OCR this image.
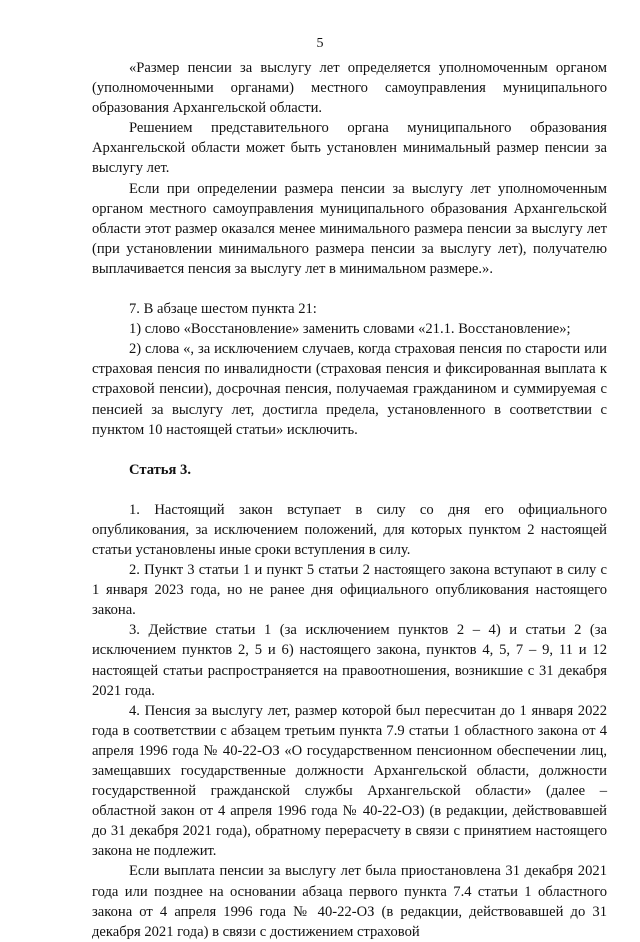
5

«Размер пенсии за выслугу лет определяется уполномоченным органом (уполномоченными органами) местного самоуправления муниципального образования Архангельской области.

Решением представительного органа муниципального образования Архангельской области может быть установлен минимальный размер пенсии за выслугу лет.

Если при определении размера пенсии за выслугу лет уполномоченным органом местного самоуправления муниципального образования Архангельской области этот размер оказался менее минимального размера пенсии за выслугу лет (при установлении минимального размера пенсии за выслугу лет), получателю выплачивается пенсия за выслугу лет в минимальном размере.».

7. В абзаце шестом пункта 21:

1) слово «Восстановление» заменить словами «21.1. Восстановление»;

2) слова «, за исключением случаев, когда страховая пенсия по старости или страховая пенсия по инвалидности (страховая пенсия и фиксированная выплата к страховой пенсии), досрочная пенсия, получаемая гражданином и суммируемая с пенсией за выслугу лет, достигла предела, установленного в соответствии с пунктом 10 настоящей статьи» исключить.

Статья 3.

1. Настоящий закон вступает в силу со дня его официального опубликования, за исключением положений, для которых пунктом 2 настоящей статьи установлены иные сроки вступления в силу.

2. Пункт 3 статьи 1 и пункт 5 статьи 2 настоящего закона вступают в силу с 1 января 2023 года, но не ранее дня официального опубликования настоящего закона.

3. Действие статьи 1 (за исключением пунктов 2 – 4) и статьи 2 (за исключением пунктов 2, 5 и 6) настоящего закона, пунктов 4, 5, 7 – 9, 11 и 12 настоящей статьи распространяется на правоотношения, возникшие с 31 декабря 2021 года.

4. Пенсия за выслугу лет, размер которой был пересчитан до 1 января 2022 года в соответствии с абзацем третьим пункта 7.9 статьи 1 областного закона от 4 апреля 1996 года № 40-22-ОЗ «О государственном пенсионном обеспечении лиц, замещавших государственные должности Архангельской области, должности государственной гражданской службы Архангельской области» (далее – областной закон от 4 апреля 1996 года № 40-22-ОЗ) (в редакции, действовавшей до 31 декабря 2021 года), обратному перерасчету в связи с принятием настоящего закона не подлежит.

Если выплата пенсии за выслугу лет была приостановлена 31 декабря 2021 года или позднее на основании абзаца первого пункта 7.4 статьи 1 областного закона от 4 апреля 1996 года № 40-22-ОЗ (в редакции, действовавшей до 31 декабря 2021 года) в связи с достижением страховой
